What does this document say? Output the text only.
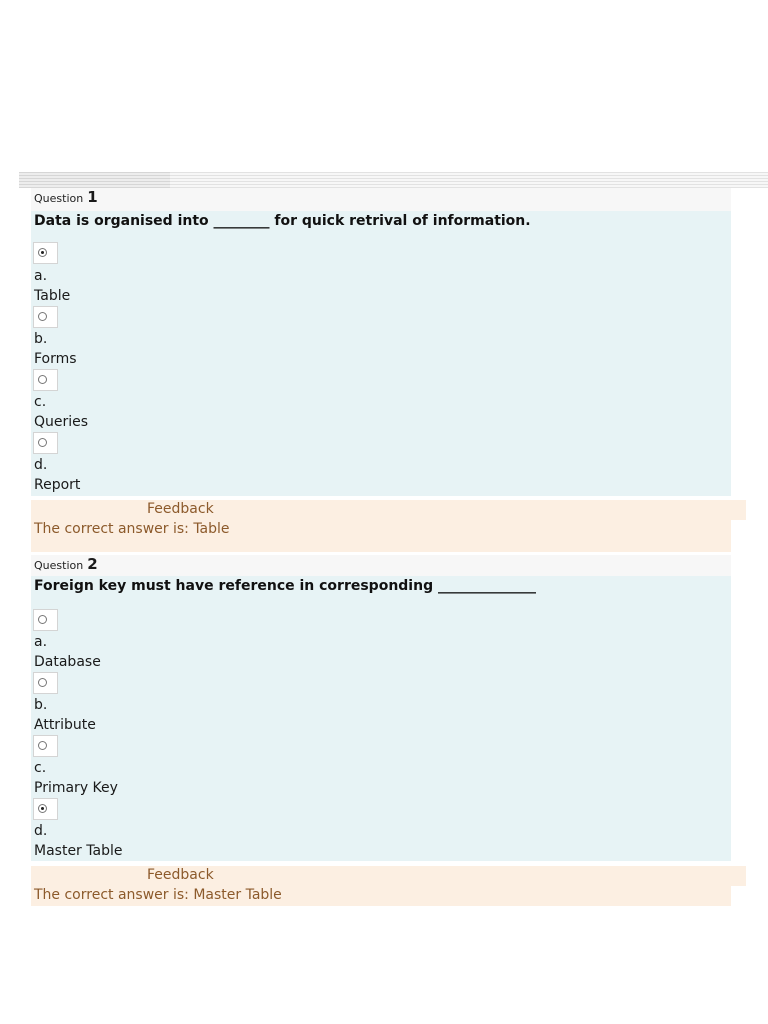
Question 1
Data is organised into ________ for quick retrival of information.
a.
Table
b.
Forms
c.
Queries
d.
Report
Feedback
The correct answer is: Table
Question 2
Foreign key must have reference in corresponding ______________
a.
Database
b.
Attribute
c.
Primary Key
d.
Master Table
Feedback
The correct answer is: Master Table
